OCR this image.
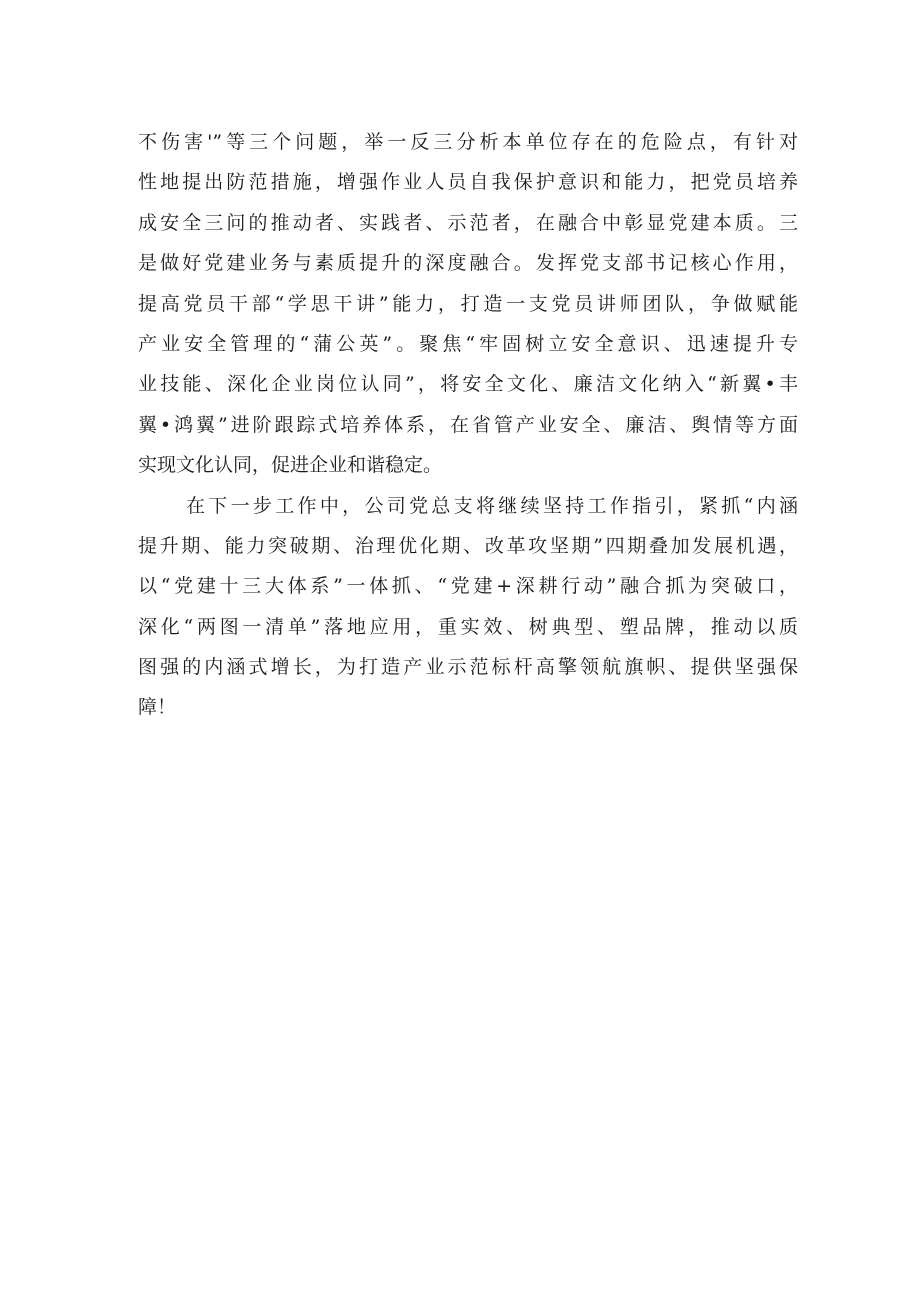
不伤害'”等三个问题，举一反三分析本单位存在的危险点，有针对
性地提出防范措施，增强作业人员自我保护意识和能力，把党员培养
成安全三问的推动者、实践者、示范者，在融合中彰显党建本质。三
是做好党建业务与素质提升的深度融合。发挥党支部书记核心作用，
提高党员干部“学思干讲”能力，打造一支党员讲师团队，争做赋能
产业安全管理的“蒲公英”。聚焦“牢固树立安全意识、迅速提升专
业技能、深化企业岗位认同”，将安全文化、廉洁文化纳入“新翼•丰
翼•鸿翼”进阶跟踪式培养体系，在省管产业安全、廉洁、舆情等方面
实现文化认同，促进企业和谐稳定。
在下一步工作中，公司党总支将继续坚持工作指引，紧抓“内涵
提升期、能力突破期、治理优化期、改革攻坚期”四期叠加发展机遇，
以“党建十三大体系”一体抓、“党建+深耕行动”融合抓为突破口，
深化“两图一清单”落地应用，重实效、树典型、塑品牌，推动以质
图强的内涵式增长，为打造产业示范标杆高擎领航旗帜、提供坚强保
障！
